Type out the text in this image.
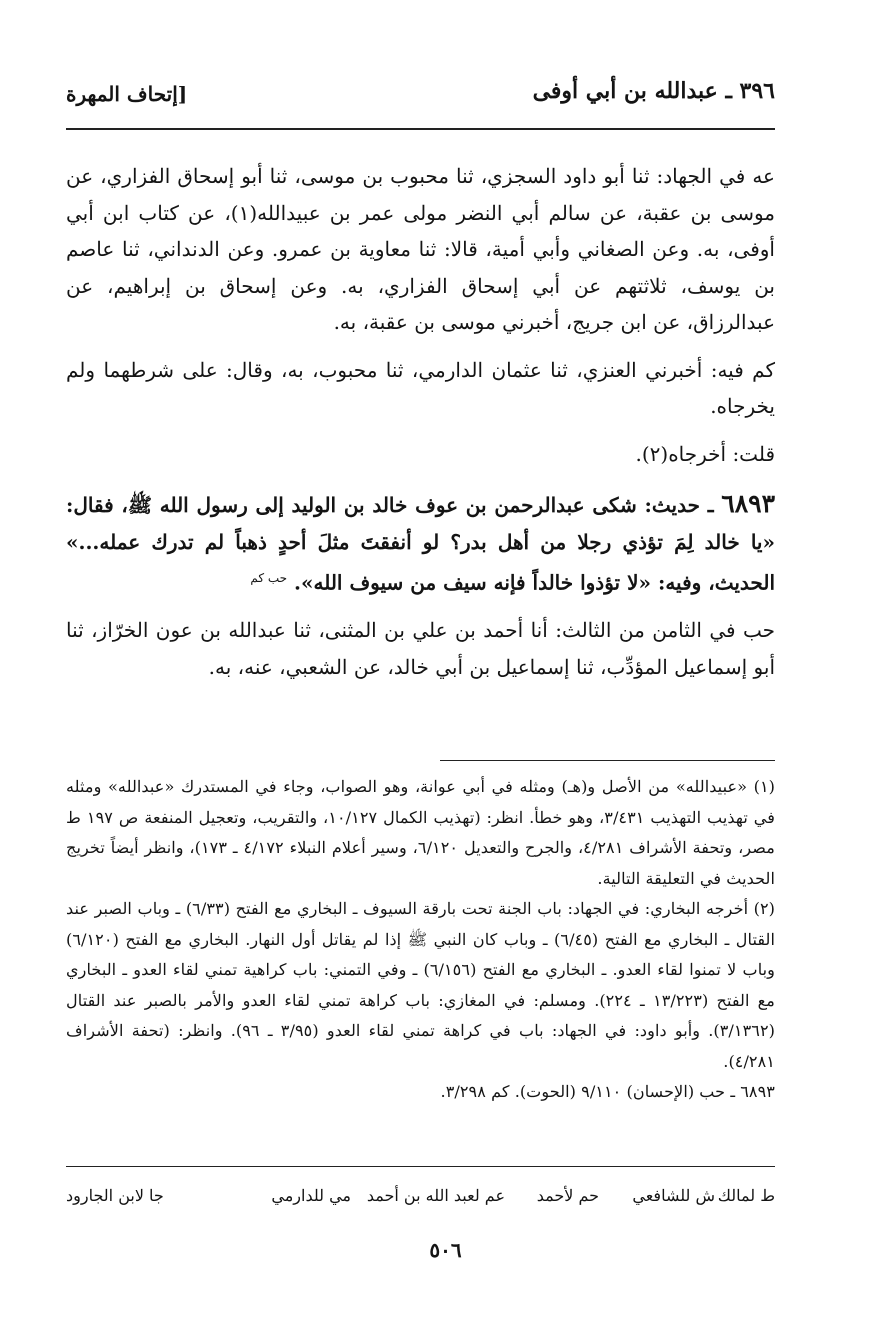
٣٩٦ ـ عبدالله بن أبي أوفى
[إتحاف المهرة

عه في الجهاد: ثنا أبو داود السجزي، ثنا محبوب بن موسى، ثنا أبو إسحاق الفزاري، عن موسى بن عقبة، عن سالم أبي النضر مولى عمر بن عبيدالله(١)، عن كتاب ابن أبي أوفى، به. وعن الصغاني وأبي أمية، قالا: ثنا معاوية بن عمرو. وعن الدنداني، ثنا عاصم بن يوسف، ثلاثتهم عن أبي إسحاق الفزاري، به. وعن إسحاق بن إبراهيم، عن عبدالرزاق، عن ابن جريج، أخبرني موسى بن عقبة، به.

كم فيه: أخبرني العنزي، ثنا عثمان الدارمي، ثنا محبوب، به، وقال: على شرطهما ولم يخرجاه.

قلت: أخرجاه(٢).

٦٨٩٣ ـ حديث: شكى عبدالرحمن بن عوف خالد بن الوليد إلى رسول الله ﷺ، فقال: «يا خالد لِمَ تؤذي رجلا من أهل بدر؟ لو أنفقتَ مثلَ أحدٍ ذهباً لم تدرك عمله...» الحديث، وفيه: «لا تؤذوا خالداً فإنه سيف من سيوف الله». $^{حب كم}$

حب في الثامن من الثالث: أنا أحمد بن علي بن المثنى، ثنا عبدالله بن عون الخرّاز، ثنا أبو إسماعيل المؤدِّب، ثنا إسماعيل بن أبي خالد، عن الشعبي، عنه، به.

(١) «عبيدالله» من الأصل و(هـ) ومثله في أبي عوانة، وهو الصواب، وجاء في المستدرك «عبدالله» ومثله في تهذيب التهذيب ٣/٤٣١، وهو خطأ. انظر: (تهذيب الكمال ١٠/١٢٧، والتقريب، وتعجيل المنفعة ص ١٩٧ ط مصر، وتحفة الأشراف ٤/٢٨١، والجرح والتعديل ٦/١٢٠، وسير أعلام النبلاء ٤/١٧٢ ـ ١٧٣)، وانظر أيضاً تخريج الحديث في التعليقة التالية.

(٢) أخرجه البخاري: في الجهاد: باب الجنة تحت بارقة السيوف ـ البخاري مع الفتح (٦/٣٣) ـ وباب الصبر عند القتال ـ البخاري مع الفتح (٦/٤٥) ـ وباب كان النبي ﷺ إذا لم يقاتل أول النهار. البخاري مع الفتح (٦/١٢٠) وباب لا تمنوا لقاء العدو. ـ البخاري مع الفتح (٦/١٥٦) ـ وفي التمني: باب كراهية تمني لقاء العدو ـ البخاري مع الفتح (١٣/٢٢٣ ـ ٢٢٤). ومسلم: في المغازي: باب كراهة تمني لقاء العدو والأمر بالصبر عند القتال (٣/١٣٦٢). وأبو داود: في الجهاد: باب في كراهة تمني لقاء العدو (٣/٩٥ ـ ٩٦). وانظر: (تحفة الأشراف ٤/٢٨١).

٦٨٩٣ ـ حب (الإحسان) ٩/١١٠ (الحوت). كم ٣/٢٩٨.

ط لمالك
ش للشافعي
حم لأحمد
عم لعبد الله بن أحمد
مي للدارمي
جا لابن الجارود
٥٠٦
